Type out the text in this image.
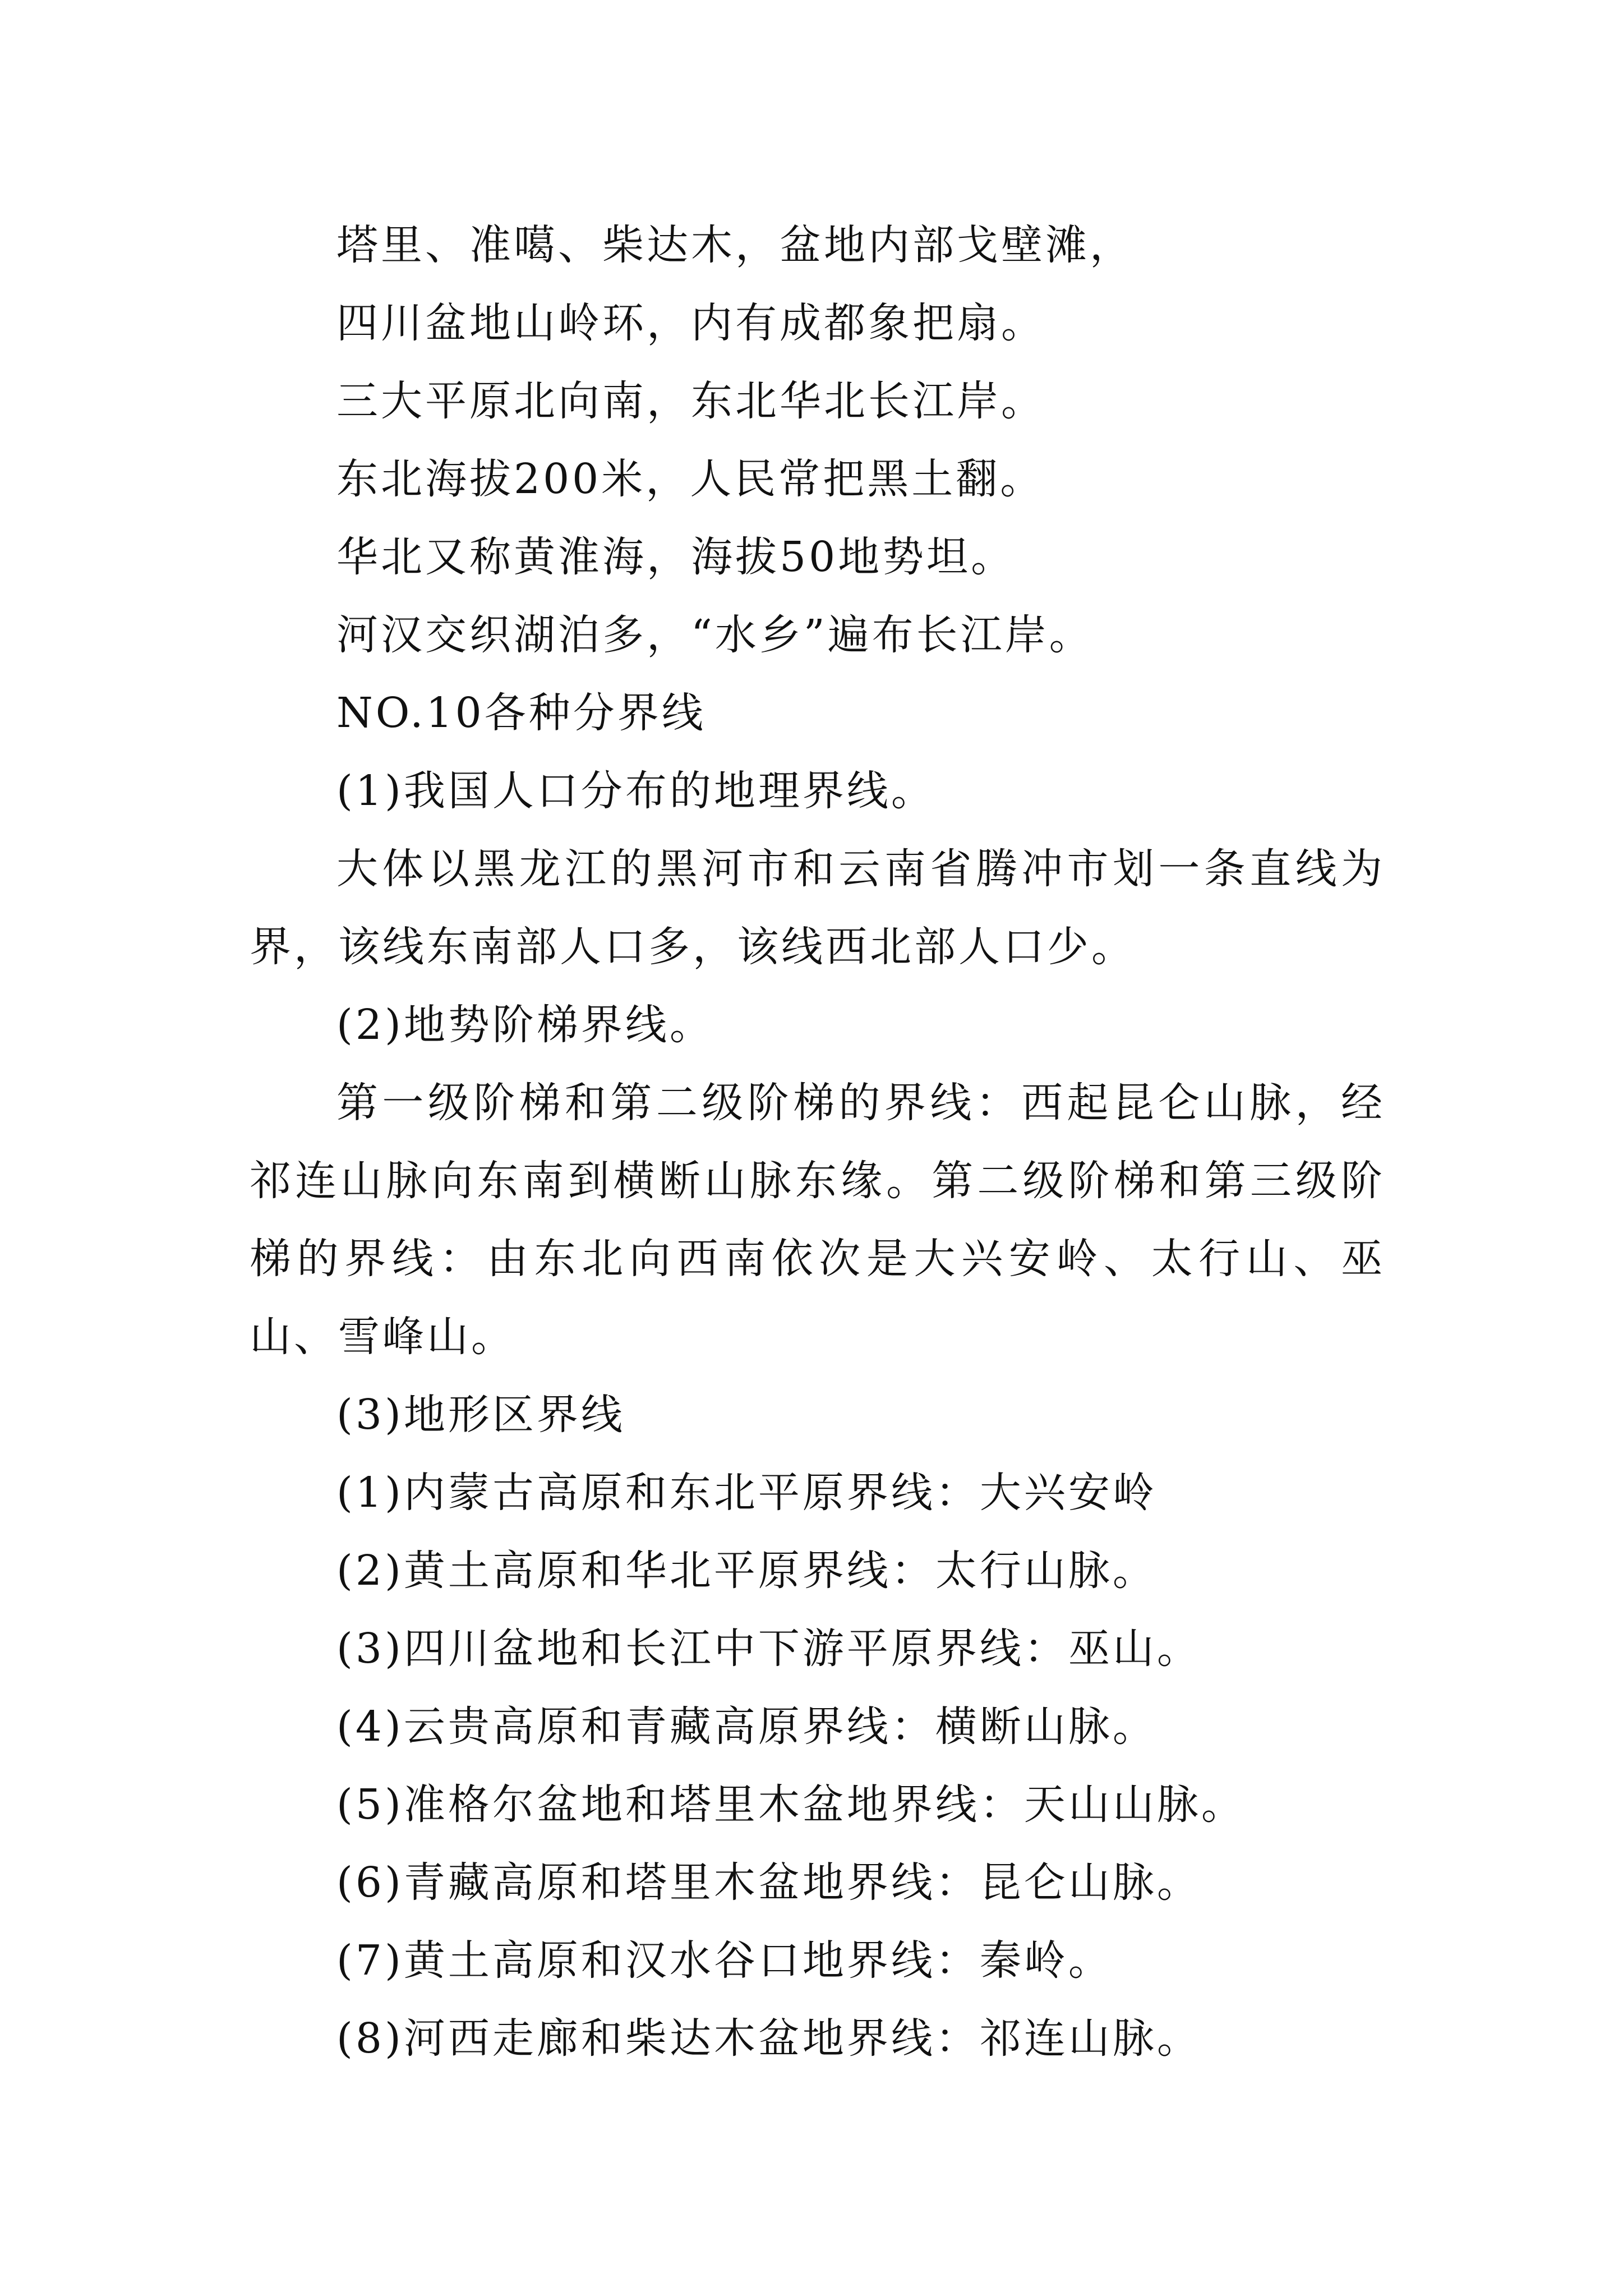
塔里、准噶、柴达木，盆地内部戈壁滩，

四川盆地山岭环，内有成都象把扇。

三大平原北向南，东北华北长江岸。

东北海拔200米，人民常把黑土翻。

华北又称黄淮海，海拔50地势坦。

河汉交织湖泊多，“水乡”遍布长江岸。

NO.10各种分界线

(1)我国人口分布的地理界线。

大体以黑龙江的黑河市和云南省腾冲市划一条直线为界，该线东南部人口多，该线西北部人口少。

(2)地势阶梯界线。

第一级阶梯和第二级阶梯的界线：西起昆仑山脉，经祁连山脉向东南到横断山脉东缘。第二级阶梯和第三级阶梯的界线：由东北向西南依次是大兴安岭、太行山、巫山、雪峰山。

(3)地形区界线

(1)内蒙古高原和东北平原界线：大兴安岭

(2)黄土高原和华北平原界线：太行山脉。

(3)四川盆地和长江中下游平原界线：巫山。

(4)云贵高原和青藏高原界线：横断山脉。

(5)准格尔盆地和塔里木盆地界线：天山山脉。

(6)青藏高原和塔里木盆地界线：昆仑山脉。

(7)黄土高原和汉水谷口地界线：秦岭。

(8)河西走廊和柴达木盆地界线：祁连山脉。
